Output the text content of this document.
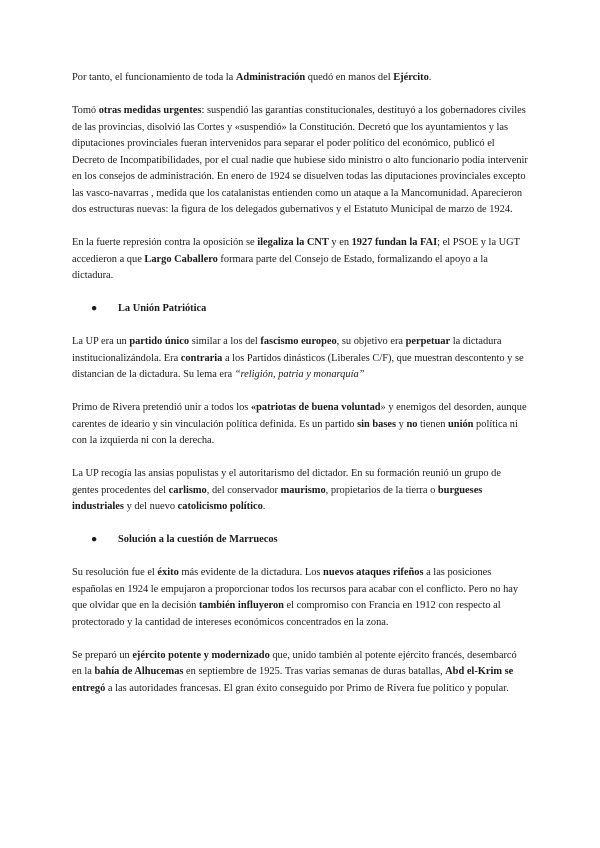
Por tanto, el funcionamiento de toda la Administración quedó en manos del Ejército.

Tomó otras medidas urgentes: suspendió las garantías constitucionales, destituyó a los gobernadores civiles de las provincias, disolvió las Cortes y «suspendió» la Constitución. Decretó que los ayuntamientos y las diputaciones provinciales fueran intervenidos para separar el poder político del económico, publicó el Decreto de Incompatibilidades, por el cual nadie que hubiese sido ministro o alto funcionario podía intervenir en los consejos de administración. En enero de 1924 se disuelven todas las diputaciones provinciales excepto las vasco-navarras , medida que los catalanistas entienden como un ataque a la Mancomunidad. Aparecieron dos estructuras nuevas: la figura de los delegados gubernativos y el Estatuto Municipal de marzo de 1924.

En la fuerte represión contra la oposición se ilegaliza la CNT y en 1927 fundan la FAI; el PSOE y la UGT accedieron a que Largo Caballero formara parte del Consejo de Estado, formalizando el apoyo a la dictadura.

●	La Unión Patriótica

La UP era un partido único similar a los del fascismo europeo, su objetivo era perpetuar la dictadura institucionalizándola. Era contraria a los Partidos dinásticos (Liberales C/F), que muestran descontento y se distancian de la dictadura. Su lema era “religión, patria y monarquía”

Primo de Rivera pretendió unir a todos los «patriotas de buena voluntad» y enemigos del desorden, aunque carentes de ideario y sin vinculación política definida. Es un partido sin bases y no tienen unión política ni con la izquierda ni con la derecha.

La UP recogía las ansias populistas y el autoritarismo del dictador. En su formación reunió un grupo de gentes procedentes del carlismo, del conservador maurismo, propietarios de la tierra o burgueses industriales y del nuevo catolicismo político.

●	Solución a la cuestión de Marruecos

Su resolución fue el éxito más evidente de la dictadura. Los nuevos ataques rifeños a las posiciones españolas en 1924 le empujaron a proporcionar todos los recursos para acabar con el conflicto. Pero no hay que olvidar que en la decisión también influyeron el compromiso con Francia en 1912 con respecto al protectorado y la cantidad de intereses económicos concentrados en la zona.

Se preparó un ejército potente y modernizado que, unido también al potente ejército francés, desembarcó en la bahía de Alhucemas en septiembre de 1925. Tras varias semanas de duras batallas, Abd el-Krim se entregó a las autoridades francesas. El gran éxito conseguido por Primo de Rivera fue político y popular.
